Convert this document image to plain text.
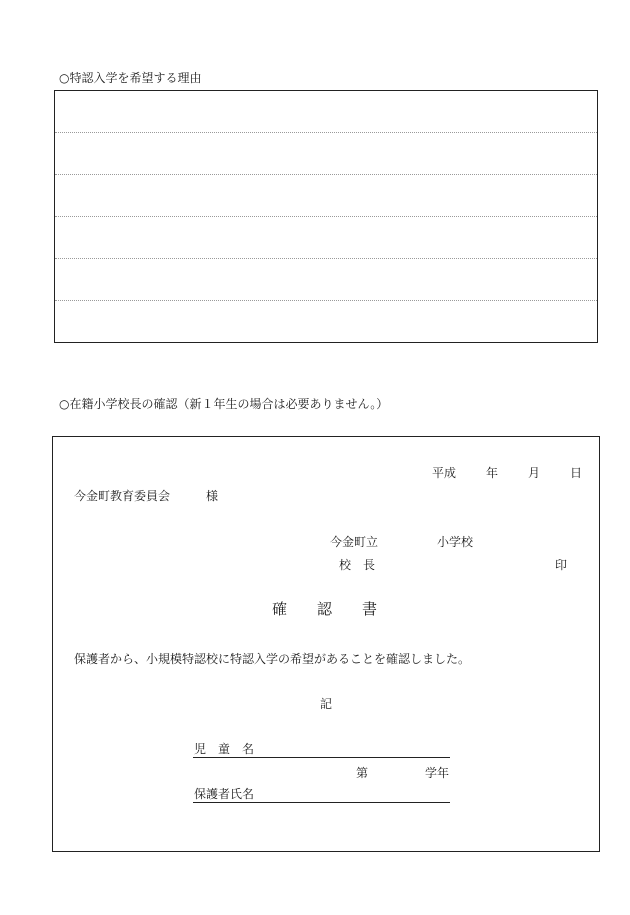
○特認入学を希望する理由
○在籍小学校長の確認（新１年生の場合は必要ありません。）
平成 年 月 日
今金町教育委員会	様
今金町立	小学校
校　長	印
確 認 書
保護者から、小規模特認校に特認入学の希望があることを確認しました。
記
児　童　名
第	学年
保護者氏名
